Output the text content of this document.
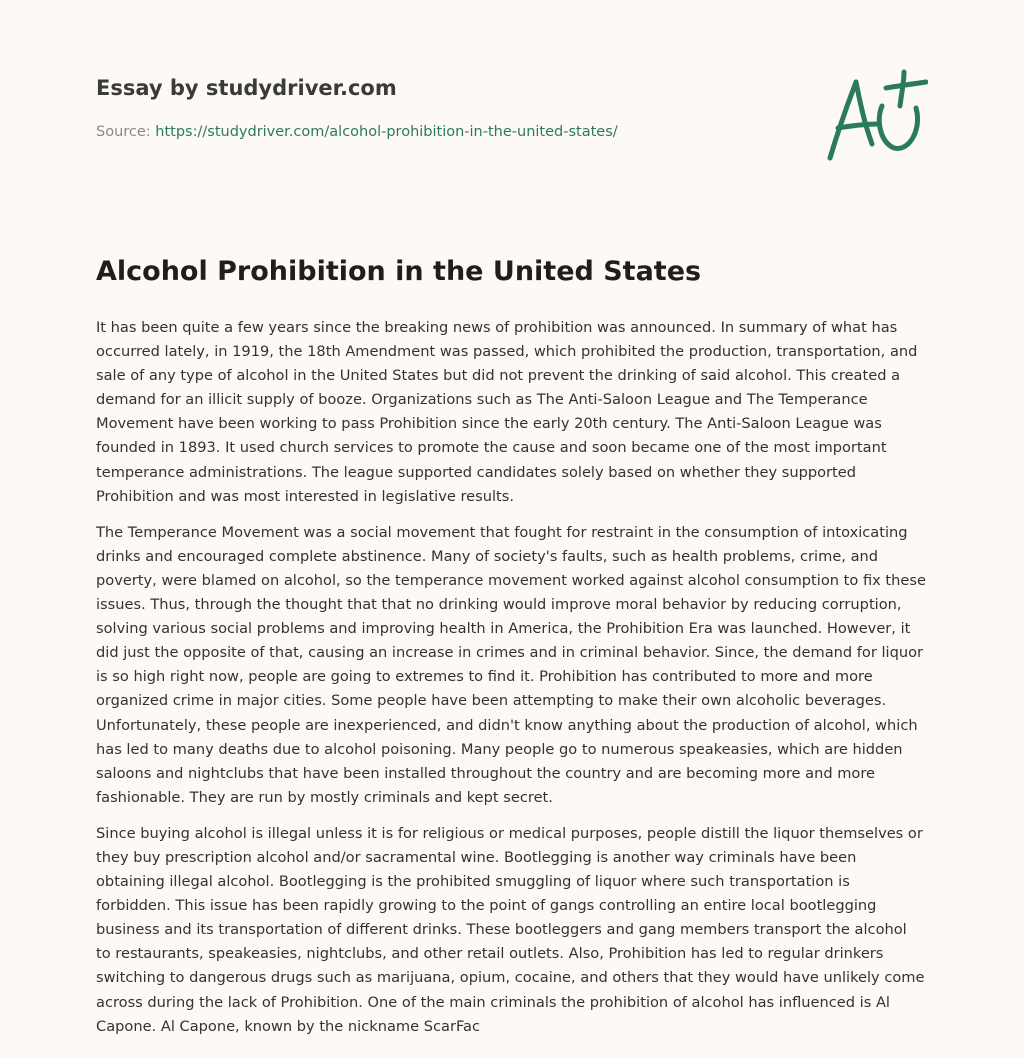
Essay by studydriver.com
Source: https://studydriver.com/alcohol-prohibition-in-the-united-states/
Alcohol Prohibition in the United States

It has been quite a few years since the breaking news of prohibition was announced. In summary of what has occurred lately, in 1919, the 18th Amendment was passed, which prohibited the production, transportation, and sale of any type of alcohol in the United States but did not prevent the drinking of said alcohol. This created a demand for an illicit supply of booze. Organizations such as The Anti-Saloon League and The Temperance Movement have been working to pass Prohibition since the early 20th century. The Anti-Saloon League was founded in 1893. It used church services to promote the cause and soon became one of the most important temperance administrations. The league supported candidates solely based on whether they supported Prohibition and was most interested in legislative results.

The Temperance Movement was a social movement that fought for restraint in the consumption of intoxicating drinks and encouraged complete abstinence. Many of society's faults, such as health problems, crime, and poverty, were blamed on alcohol, so the temperance movement worked against alcohol consumption to fix these issues. Thus, through the thought that that no drinking would improve moral behavior by reducing corruption, solving various social problems and improving health in America, the Prohibition Era was launched. However, it did just the opposite of that, causing an increase in crimes and in criminal behavior. Since, the demand for liquor is so high right now, people are going to extremes to find it. Prohibition has contributed to more and more organized crime in major cities. Some people have been attempting to make their own alcoholic beverages. Unfortunately, these people are inexperienced, and didn't know anything about the production of alcohol, which has led to many deaths due to alcohol poisoning. Many people go to numerous speakeasies, which are hidden saloons and nightclubs that have been installed throughout the country and are becoming more and more fashionable. They are run by mostly criminals and kept secret.

Since buying alcohol is illegal unless it is for religious or medical purposes, people distill the liquor themselves or they buy prescription alcohol and/or sacramental wine. Bootlegging is another way criminals have been obtaining illegal alcohol. Bootlegging is the prohibited smuggling of liquor where such transportation is forbidden. This issue has been rapidly growing to the point of gangs controlling an entire local bootlegging business and its transportation of different drinks. These bootleggers and gang members transport the alcohol to restaurants, speakeasies, nightclubs, and other retail outlets. Also, Prohibition has led to regular drinkers switching to dangerous drugs such as marijuana, opium, cocaine, and others that they would have unlikely come across during the lack of Prohibition. One of the main criminals the prohibition of alcohol has influenced is Al Capone. Al Capone, known by the nickname ScarFac
